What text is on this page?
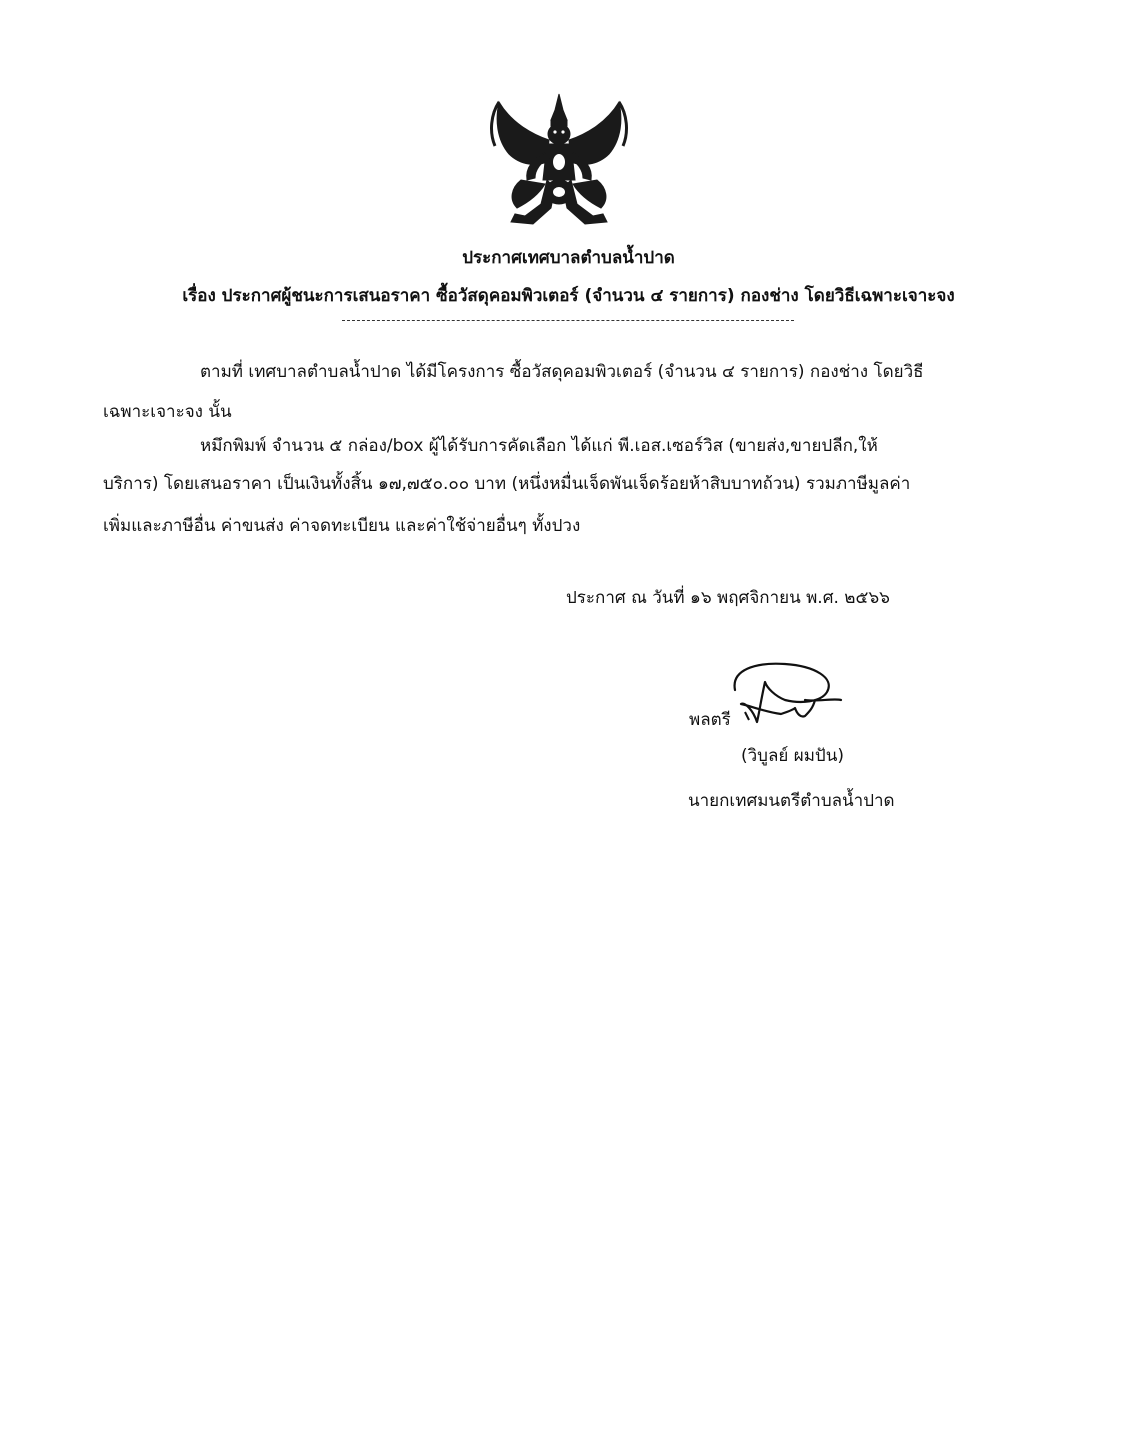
ประกาศเทศบาลตำบลน้ำปาด
เรื่อง ประกาศผู้ชนะการเสนอราคา ซื้อวัสดุคอมพิวเตอร์ (จำนวน ๔ รายการ) กองช่าง โดยวิธีเฉพาะเจาะจง
ตามที่ เทศบาลตำบลน้ำปาด ได้มีโครงการ ซื้อวัสดุคอมพิวเตอร์ (จำนวน ๔ รายการ) กองช่าง โดยวิธี
เฉพาะเจาะจง นั้น
หมึกพิมพ์ จำนวน ๕ กล่อง/box ผู้ได้รับการคัดเลือก ได้แก่ พี.เอส.เซอร์วิส (ขายส่ง,ขายปลีก,ให้
บริการ) โดยเสนอราคา เป็นเงินทั้งสิ้น ๑๗,๗๕๐.๐๐ บาท (หนึ่งหมื่นเจ็ดพันเจ็ดร้อยห้าสิบบาทถ้วน) รวมภาษีมูลค่า
เพิ่มและภาษีอื่น ค่าขนส่ง ค่าจดทะเบียน และค่าใช้จ่ายอื่นๆ ทั้งปวง
ประกาศ ณ วันที่ ๑๖ พฤศจิกายน พ.ศ. ๒๕๖๖
พลตรี
(วิบูลย์ ผมปัน)
นายกเทศมนตรีตำบลน้ำปาด
